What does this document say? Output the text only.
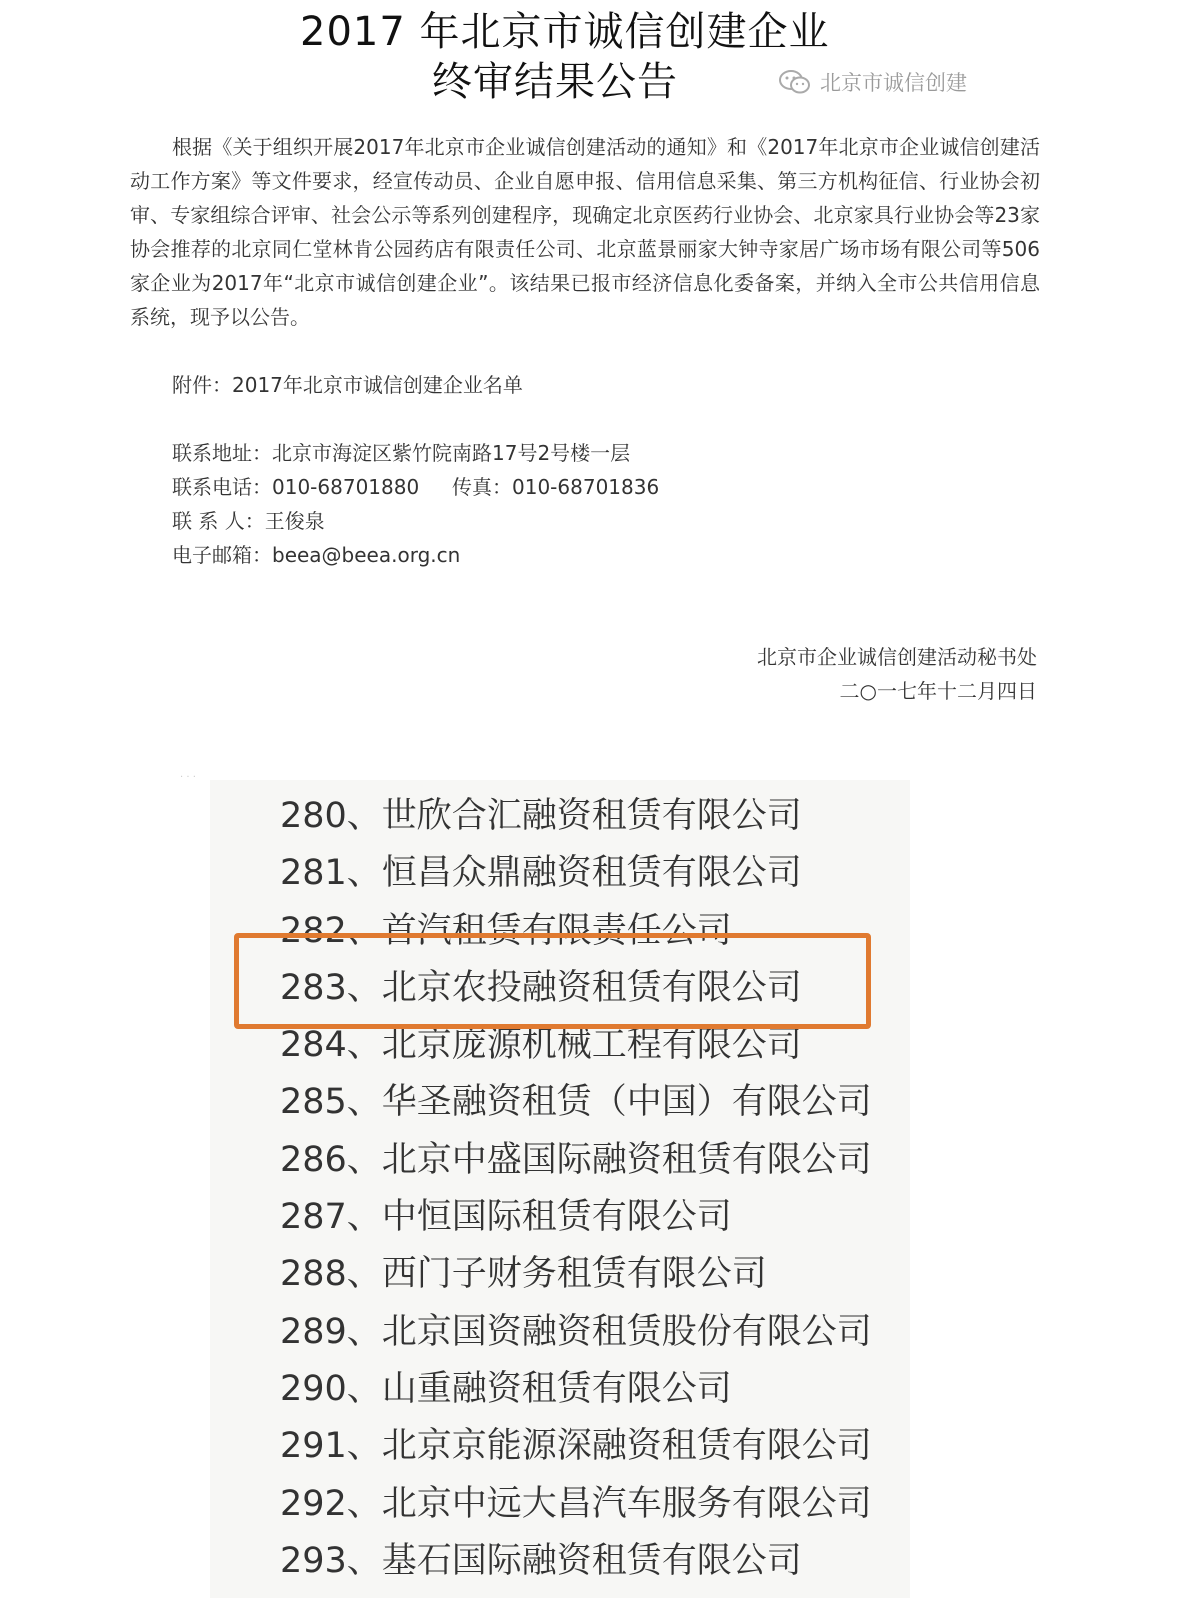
2017 年北京市诚信创建企业
终审结果公告	北京市诚信创建
根据《关于组织开展2017年北京市企业诚信创建活动的通知》和《2017年北京市企业诚信创建活动工作方案》等文件要求，经宣传动员、企业自愿申报、信用信息采集、第三方机构征信、行业协会初审、专家组综合评审、社会公示等系列创建程序，现确定北京医药行业协会、北京家具行业协会等23家协会推荐的北京同仁堂林肯公园药店有限责任公司、北京蓝景丽家大钟寺家居广场市场有限公司等506家企业为2017年“北京市诚信创建企业”。该结果已报市经济信息化委备案，并纳入全市公共信用信息系统，现予以公告。
附件：2017年北京市诚信创建企业名单
联系地址：北京市海淀区紫竹院南路17号2号楼一层
联系电话：010-68701880 传真：010-68701836
联 系 人：王俊泉
电子邮箱：beea@beea.org.cn
北京市企业诚信创建活动秘书处
二○一七年十二月四日
· · ·
280、世欣合汇融资租赁有限公司
281、恒昌众鼎融资租赁有限公司
282、首汽租赁有限责任公司
283、北京农投融资租赁有限公司
284、北京庞源机械工程有限公司
285、华圣融资租赁（中国）有限公司
286、北京中盛国际融资租赁有限公司
287、中恒国际租赁有限公司
288、西门子财务租赁有限公司
289、北京国资融资租赁股份有限公司
290、山重融资租赁有限公司
291、北京京能源深融资租赁有限公司
292、北京中远大昌汽车服务有限公司
293、基石国际融资租赁有限公司
